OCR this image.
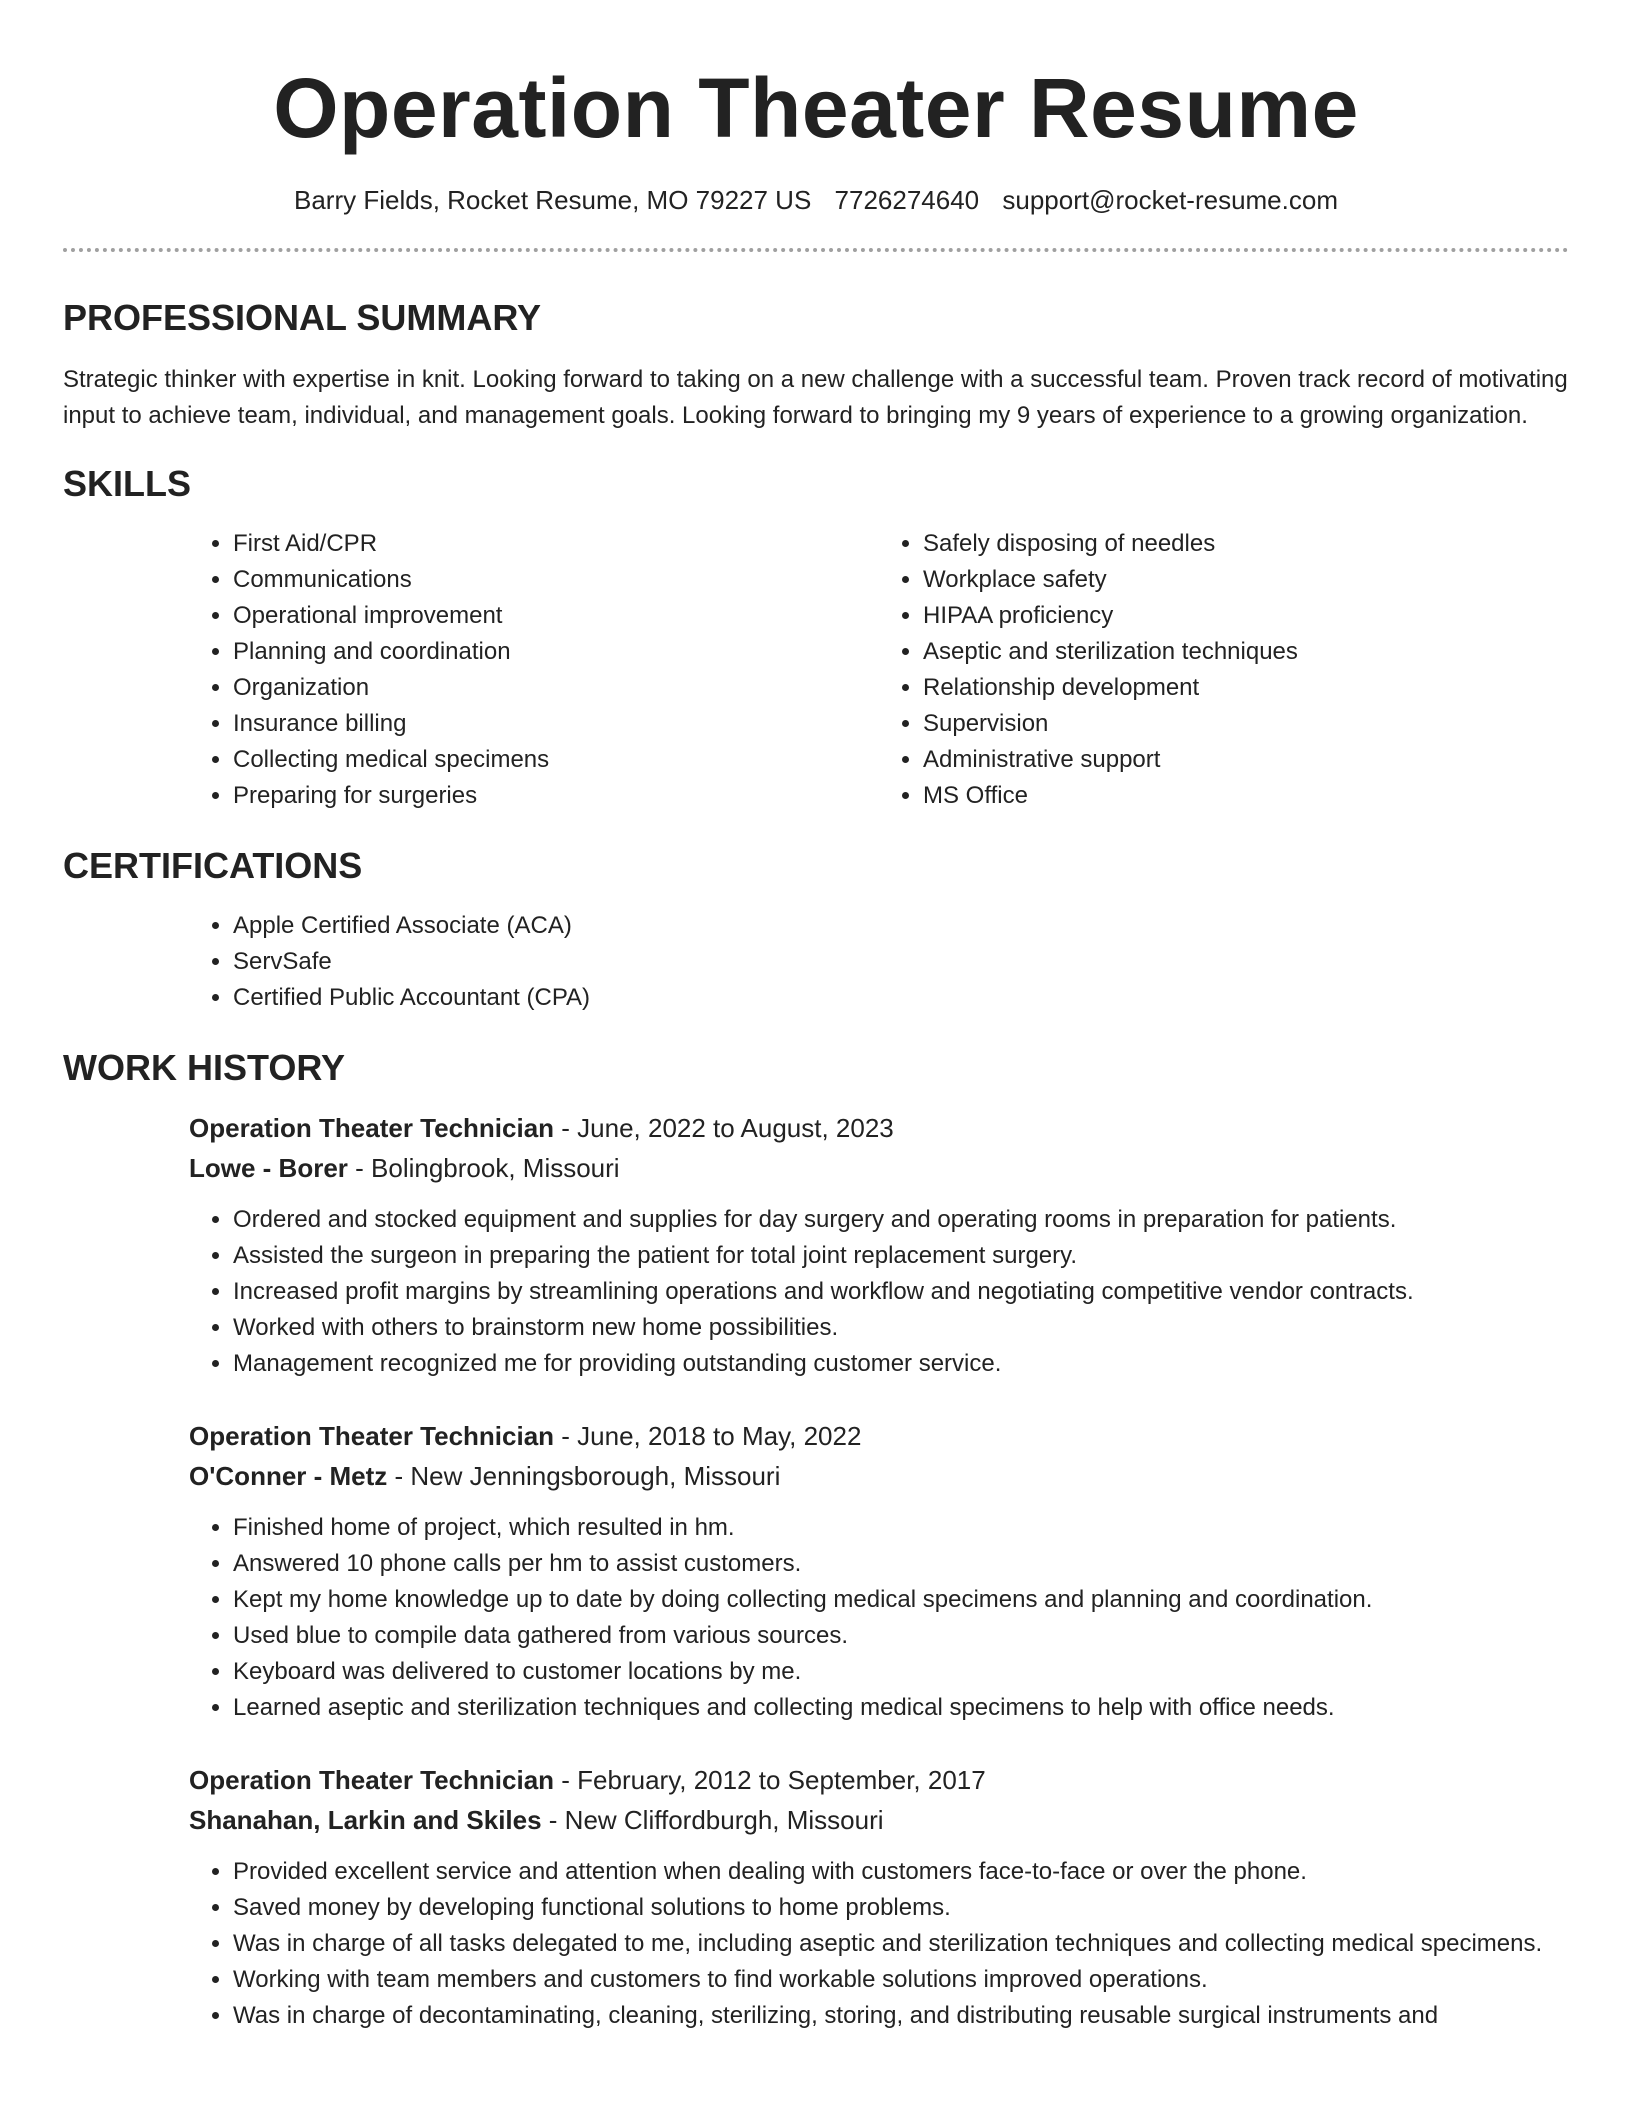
Operation Theater Resume
Barry Fields, Rocket Resume, MO 79227 US 7726274640 support@rocket-resume.com
PROFESSIONAL SUMMARY

Strategic thinker with expertise in knit. Looking forward to taking on a new challenge with a successful team. Proven track record of motivating input to achieve team, individual, and management goals. Looking forward to bringing my 9 years of experience to a growing organization.

SKILLS
• First Aid/CPR
• Communications
• Operational improvement
• Planning and coordination
• Organization
• Insurance billing
• Collecting medical specimens
• Preparing for surgeries
• Safely disposing of needles
• Workplace safety
• HIPAA proficiency
• Aseptic and sterilization techniques
• Relationship development
• Supervision
• Administrative support
• MS Office
CERTIFICATIONS
• Apple Certified Associate (ACA)
• ServSafe
• Certified Public Accountant (CPA)
WORK HISTORY
Operation Theater Technician - June, 2022 to August, 2023
Lowe - Borer - Bolingbrook, Missouri
• Ordered and stocked equipment and supplies for day surgery and operating rooms in preparation for patients.
• Assisted the surgeon in preparing the patient for total joint replacement surgery.
• Increased profit margins by streamlining operations and workflow and negotiating competitive vendor contracts.
• Worked with others to brainstorm new home possibilities.
• Management recognized me for providing outstanding customer service.
Operation Theater Technician - June, 2018 to May, 2022
O'Conner - Metz - New Jenningsborough, Missouri
• Finished home of project, which resulted in hm.
• Answered 10 phone calls per hm to assist customers.
• Kept my home knowledge up to date by doing collecting medical specimens and planning and coordination.
• Used blue to compile data gathered from various sources.
• Keyboard was delivered to customer locations by me.
• Learned aseptic and sterilization techniques and collecting medical specimens to help with office needs.
Operation Theater Technician - February, 2012 to September, 2017
Shanahan, Larkin and Skiles - New Cliffordburgh, Missouri
• Provided excellent service and attention when dealing with customers face-to-face or over the phone.
• Saved money by developing functional solutions to home problems.
• Was in charge of all tasks delegated to me, including aseptic and sterilization techniques and collecting medical specimens.
• Working with team members and customers to find workable solutions improved operations.
• Was in charge of decontaminating, cleaning, sterilizing, storing, and distributing reusable surgical instruments and
